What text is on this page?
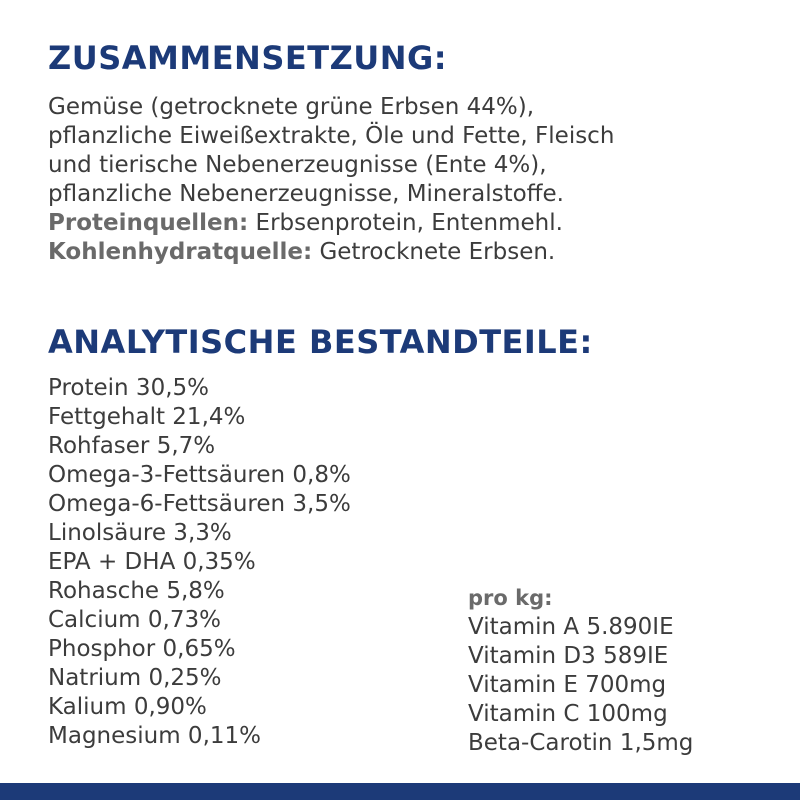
ZUSAMMENSETZUNG:
Gemüse (getrocknete grüne Erbsen 44%),
pflanzliche Eiweißextrakte, Öle und Fette, Fleisch
und tierische Nebenerzeugnisse (Ente 4%),
pflanzliche Nebenerzeugnisse, Mineralstoffe.
Proteinquellen: Erbsenprotein, Entenmehl.
Kohlenhydratquelle: Getrocknete Erbsen.
ANALYTISCHE BESTANDTEILE:
Protein 30,5%
Fettgehalt 21,4%
Rohfaser 5,7%
Omega-3-Fettsäuren 0,8%
Omega-6-Fettsäuren 3,5%
Linolsäure 3,3%
EPA + DHA 0,35%
Rohasche 5,8%
Calcium 0,73%
Phosphor 0,65%
Natrium 0,25%
Kalium 0,90%
Magnesium 0,11%
pro kg:
Vitamin A 5.890IE
Vitamin D3 589IE
Vitamin E 700mg
Vitamin C 100mg
Beta-Carotin 1,5mg
